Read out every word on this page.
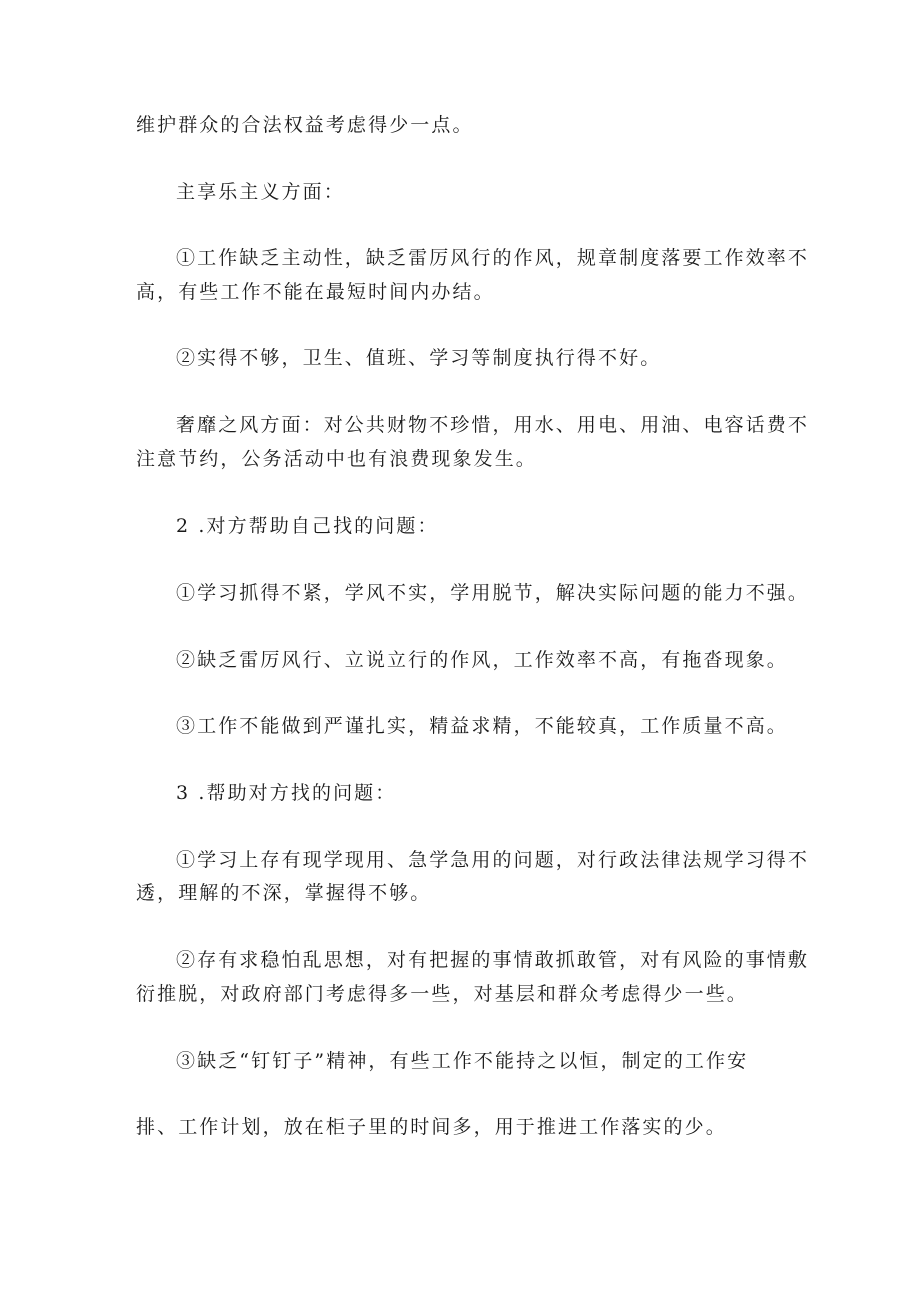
维护群众的合法权益考虑得少一点。
主享乐主义方面：
①工作缺乏主动性，缺乏雷厉风行的作风，规章制度落要工作效率不
高，有些工作不能在最短时间内办结。
②实得不够，卫生、值班、学习等制度执行得不好。
奢靡之风方面：对公共财物不珍惜，用水、用电、用油、电容话费不
注意节约，公务活动中也有浪费现象发生。
2 .对方帮助自己找的问题：
①学习抓得不紧，学风不实，学用脱节，解决实际问题的能力不强。
②缺乏雷厉风行、立说立行的作风，工作效率不高，有拖沓现象。
③工作不能做到严谨扎实，精益求精，不能较真，工作质量不高。
3 .帮助对方找的问题：
①学习上存有现学现用、急学急用的问题，对行政法律法规学习得不
透，理解的不深，掌握得不够。
②存有求稳怕乱思想，对有把握的事情敢抓敢管，对有风险的事情敷
衍推脱，对政府部门考虑得多一些，对基层和群众考虑得少一些。
③缺乏“钉钉子”精神，有些工作不能持之以恒，制定的工作安
排、工作计划，放在柜子里的时间多，用于推进工作落实的少。
